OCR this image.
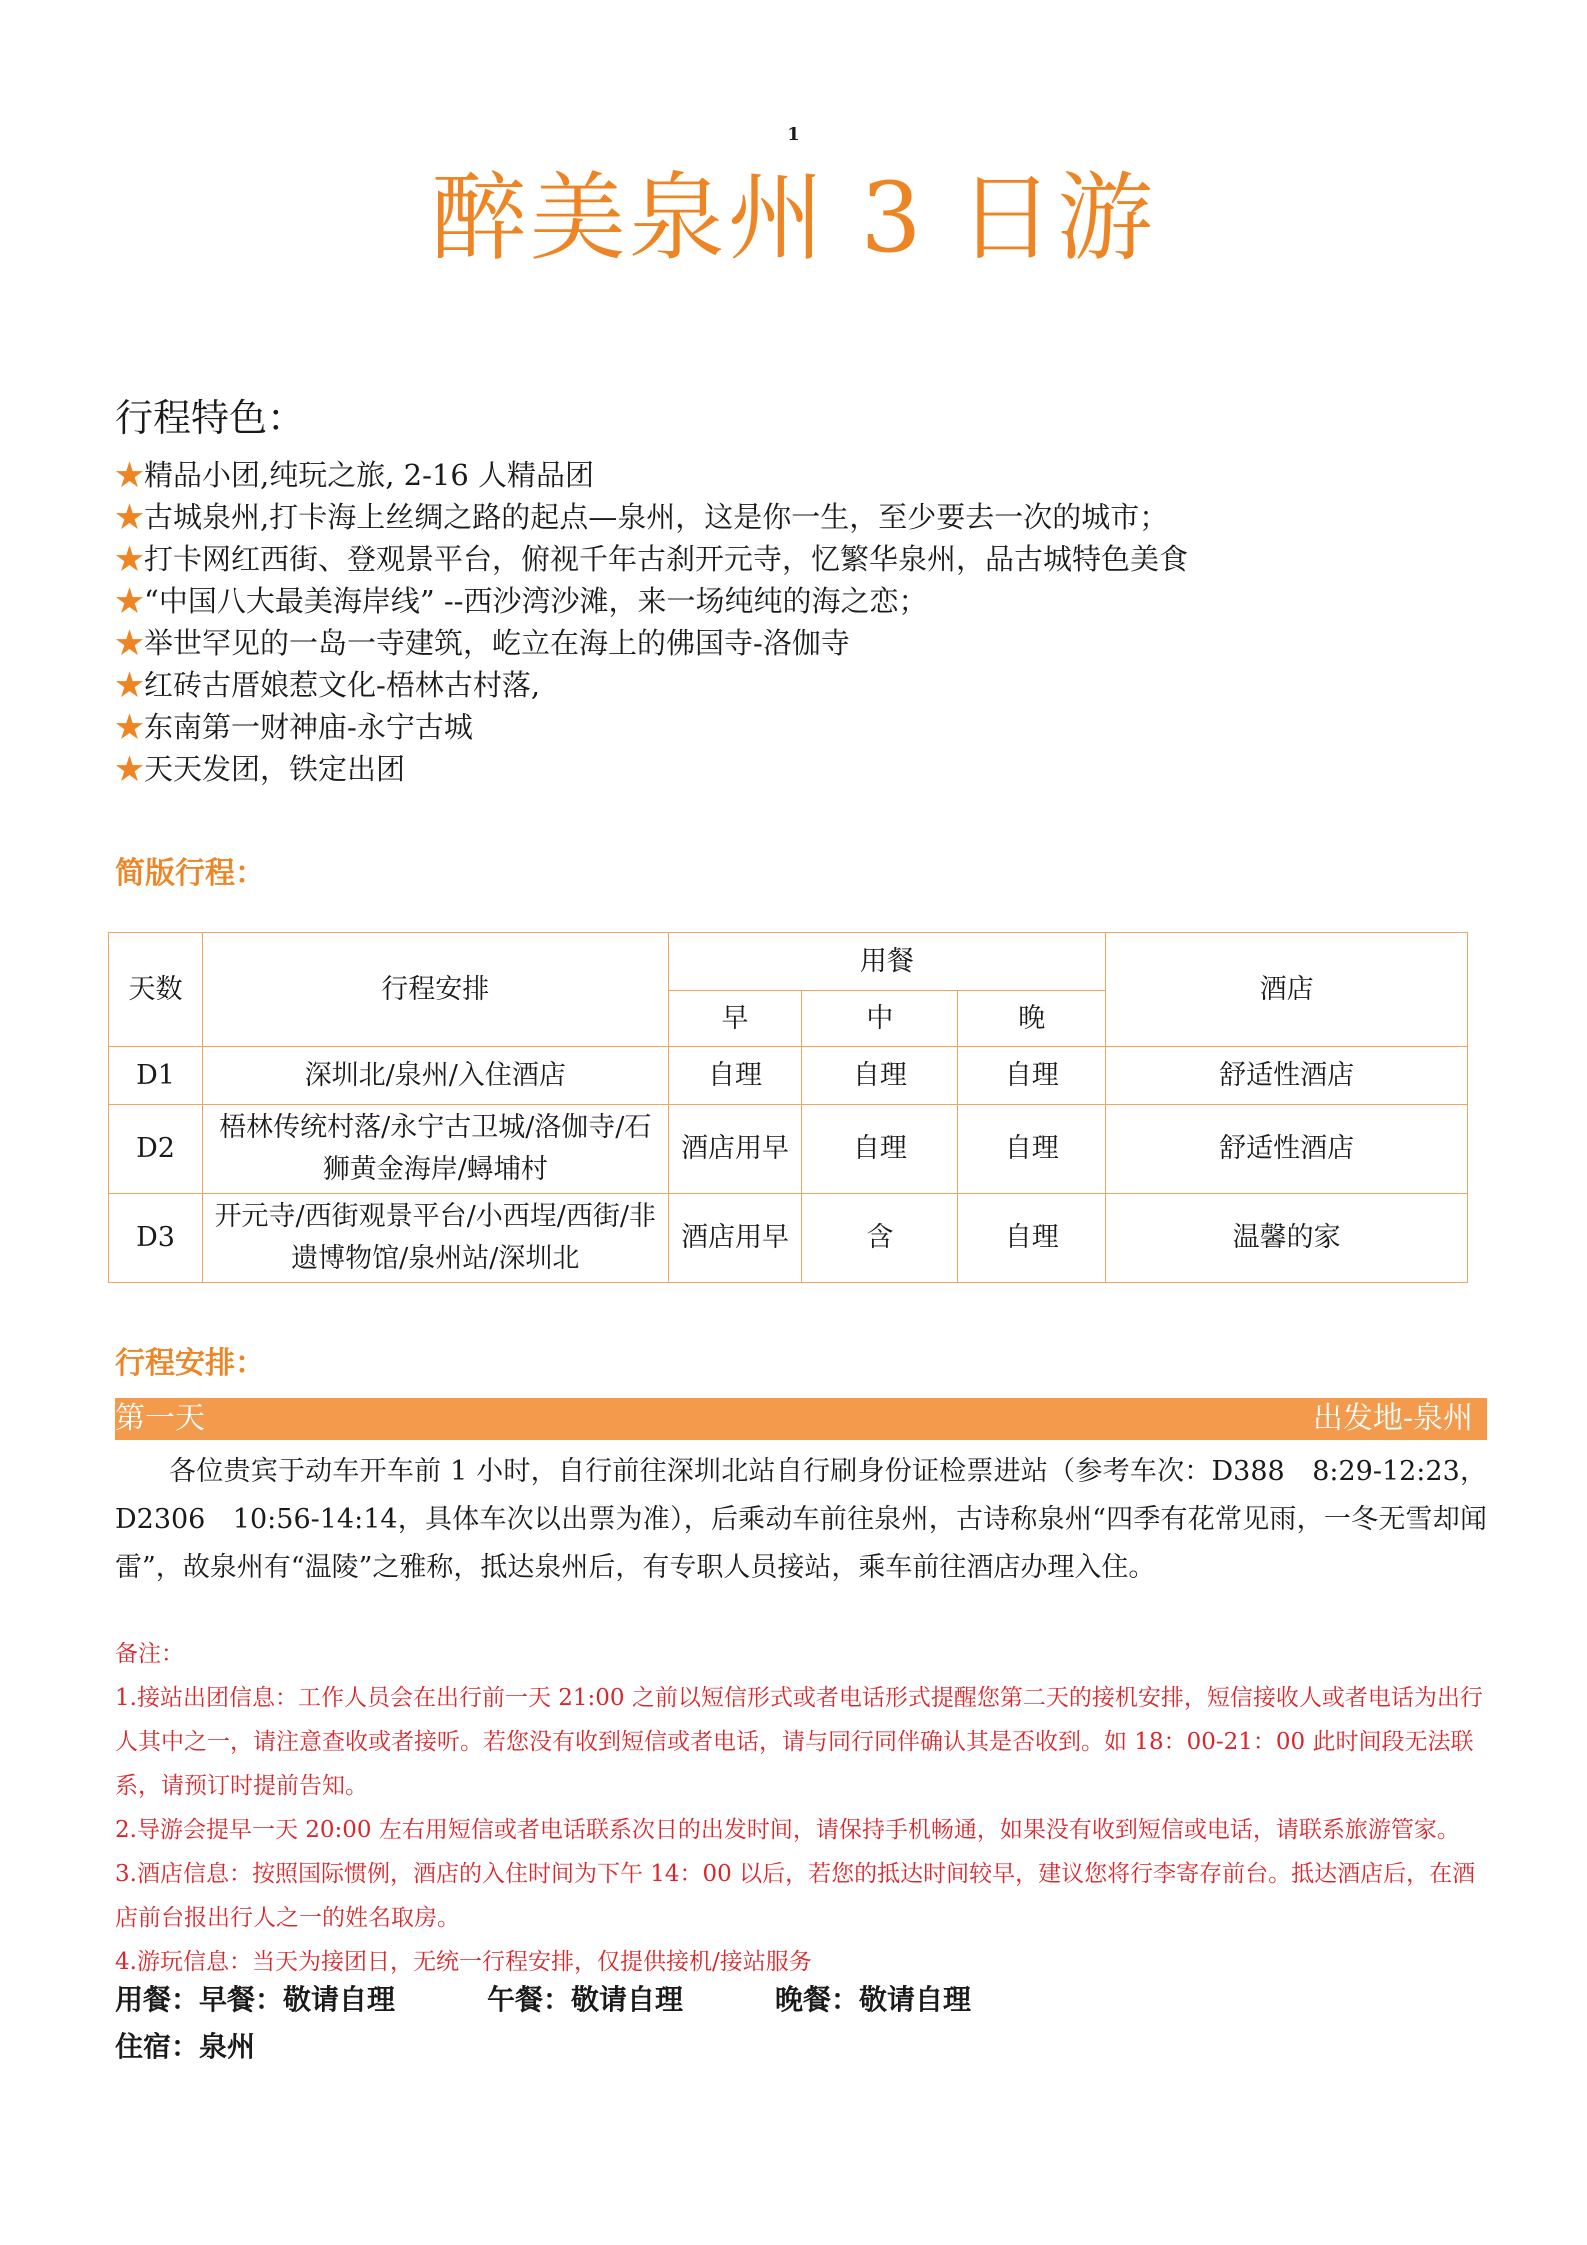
1
醉美泉州 3 日游
行程特色：
★精品小团,纯玩之旅, 2-16 人精品团
★古城泉州,打卡海上丝绸之路的起点—泉州，这是你一生，至少要去一次的城市；
★打卡网红西街、登观景平台，俯视千年古刹开元寺，忆繁华泉州，品古城特色美食
★“中国八大最美海岸线” --西沙湾沙滩，来一场纯纯的海之恋；
★举世罕见的一岛一寺建筑，屹立在海上的佛国寺-洛伽寺
★红砖古厝娘惹文化-梧林古村落,
★东南第一财神庙-永宁古城
★天天发团，铁定出团
简版行程：
天数	行程安排	用餐			酒店
		早	中	晚	
D1	深圳北/泉州/入住酒店	自理	自理	自理	舒适性酒店
D2	梧林传统村落/永宁古卫城/洛伽寺/石狮黄金海岸/蟳埔村	酒店用早	自理	自理	舒适性酒店
D3	开元寺/西街观景平台/小西埕/西街/非遗博物馆/泉州站/深圳北	酒店用早	含	自理	温馨的家
行程安排：
第一天	出发地-泉州
各位贵宾于动车开车前 1 小时，自行前往深圳北站自行刷身份证检票进站（参考车次：D388　8:29-12:23，D2306　10:56-14:14，具体车次以出票为准），后乘动车前往泉州，古诗称泉州“四季有花常见雨，一冬无雪却闻雷”，故泉州有“温陵”之雅称，抵达泉州后，有专职人员接站，乘车前往酒店办理入住。

备注：

1.接站出团信息：工作人员会在出行前一天 21:00 之前以短信形式或者电话形式提醒您第二天的接机安排，短信接收人或者电话为出行人其中之一，请注意查收或者接听。若您没有收到短信或者电话，请与同行同伴确认其是否收到。如 18：00-21：00 此时间段无法联系，请预订时提前告知。

2.导游会提早一天 20:00 左右用短信或者电话联系次日的出发时间，请保持手机畅通，如果没有收到短信或电话，请联系旅游管家。

3.酒店信息：按照国际惯例，酒店的入住时间为下午 14：00 以后，若您的抵达时间较早，建议您将行李寄存前台。抵达酒店后，在酒店前台报出行人之一的姓名取房。

4.游玩信息：当天为接团日，无统一行程安排，仅提供接机/接站服务

用餐：早餐：敬请自理	午餐：敬请自理	晚餐：敬请自理
住宿：泉州
